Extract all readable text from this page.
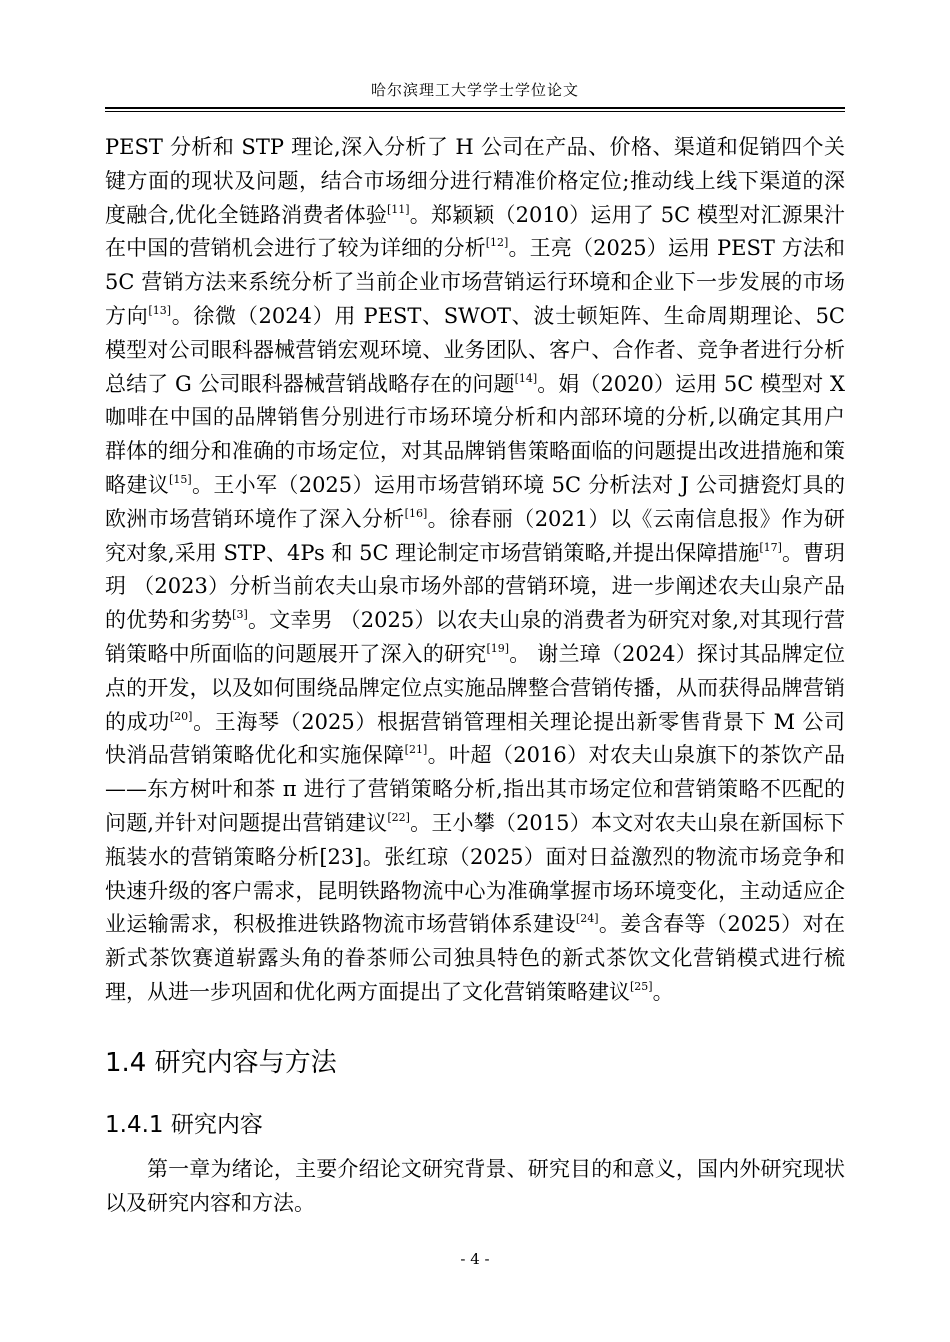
哈尔滨理工大学学士学位论文

PEST 分析和 STP 理论,深入分析了 H 公司在产品、价格、渠道和促销四个关键方面的现状及问题，结合市场细分进行精准价格定位;推动线上线下渠道的深度融合,优化全链路消费者体验[11]。郑颖颖（2010）运用了 5C 模型对汇源果汁在中国的营销机会进行了较为详细的分析[12]。王亮（2025）运用 PEST 方法和 5C 营销方法来系统分析了当前企业市场营销运行环境和企业下一步发展的市场方向[13]。徐微（2024）用 PEST、SWOT、波士顿矩阵、生命周期理论、5C 模型对公司眼科器械营销宏观环境、业务团队、客户、合作者、竞争者进行分析总结了 G 公司眼科器械营销战略存在的问题[14]。娟（2020）运用 5C 模型对 X 咖啡在中国的品牌销售分别进行市场环境分析和内部环境的分析,以确定其用户群体的细分和准确的市场定位，对其品牌销售策略面临的问题提出改进措施和策略建议[15]。王小军（2025）运用市场营销环境 5C 分析法对 J 公司搪瓷灯具的欧洲市场营销环境作了深入分析[16]。徐春丽（2021）以《云南信息报》作为研究对象,采用 STP、4Ps 和 5C 理论制定市场营销策略,并提出保障措施[17]。曹玥玥 （2023）分析当前农夫山泉市场外部的营销环境，进一步阐述农夫山泉产品的优势和劣势[3]。文幸男 （2025）以农夫山泉的消费者为研究对象,对其现行营销策略中所面临的问题展开了深入的研究[19]。 谢兰璋（2024）探讨其品牌定位点的开发，以及如何围绕品牌定位点实施品牌整合营销传播，从而获得品牌营销的成功[20]。王海琴（2025）根据营销管理相关理论提出新零售背景下 M 公司快消品营销策略优化和实施保障[21]。叶超（2016）对农夫山泉旗下的茶饮产品——东方树叶和茶 π 进行了营销策略分析,指出其市场定位和营销策略不匹配的问题,并针对问题提出营销建议[22]。王小攀（2015）本文对农夫山泉在新国标下瓶装水的营销策略分析[23]。张红琼（2025）面对日益激烈的物流市场竞争和快速升级的客户需求，昆明铁路物流中心为准确掌握市场环境变化，主动适应企业运输需求，积极推进铁路物流市场营销体系建设[24]。姜含春等（2025）对在新式茶饮赛道崭露头角的眷茶师公司独具特色的新式茶饮文化营销模式进行梳理，从进一步巩固和优化两方面提出了文化营销策略建议[25]。

1.4 研究内容与方法
1.4.1 研究内容

第一章为绪论，主要介绍论文研究背景、研究目的和意义，国内外研究现状以及研究内容和方法。

- 4 -
